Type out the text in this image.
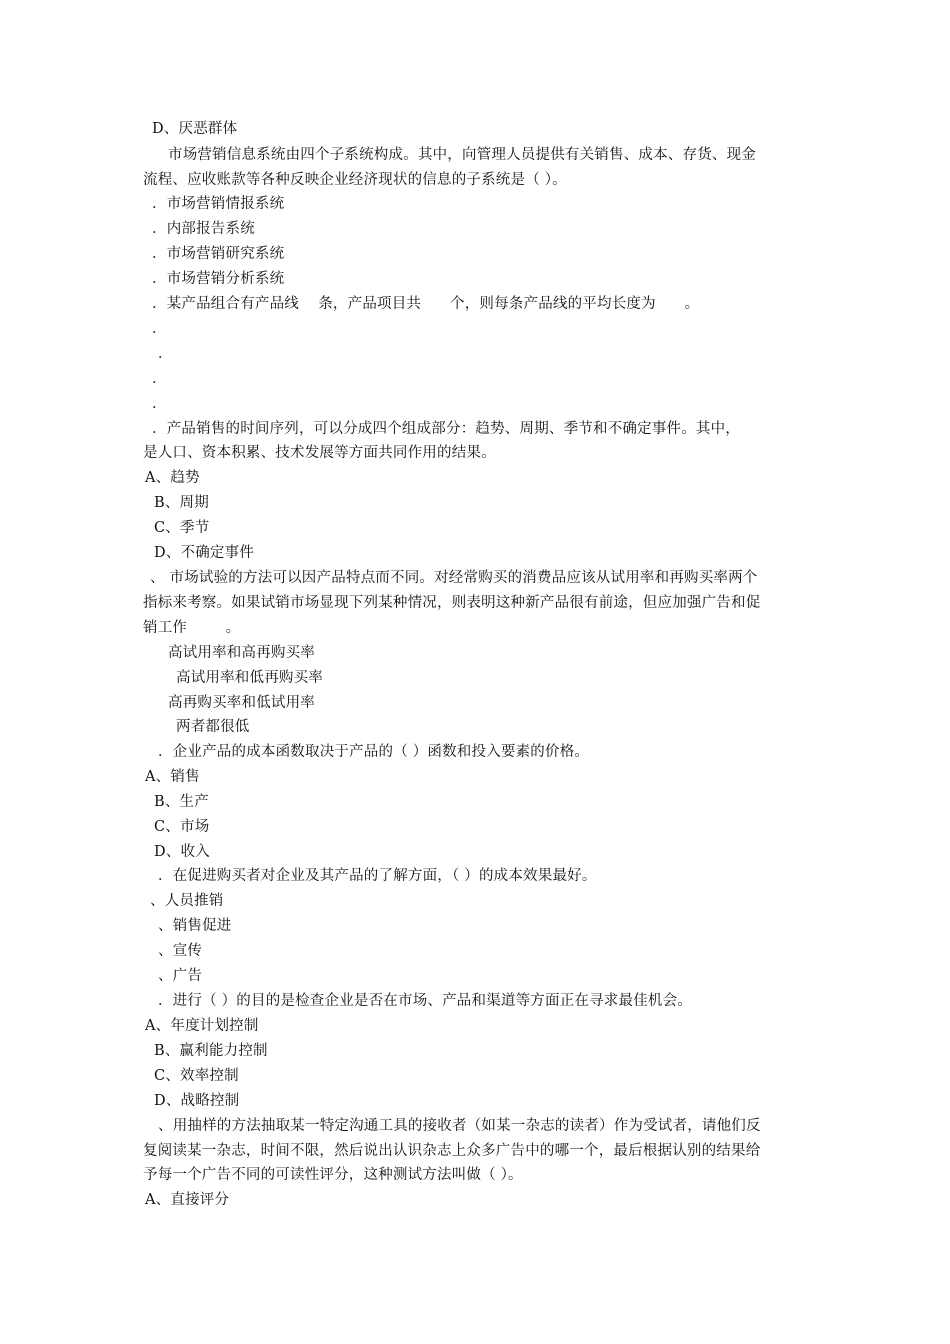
D、厌恶群体
市场营销信息系统由四个子系统构成。其中，向管理人员提供有关销售、成本、存货、现金
流程、应收账款等各种反映企业经济现状的信息的子系统是（ ）。
．市场营销情报系统
．内部报告系统
．市场营销研究系统
．市场营销分析系统
．某产品组合有产品线    条，产品项目共      个，则每条产品线的平均长度为      。
．
．
．
．
．产品销售的时间序列，可以分成四个组成部分：趋势、周期、季节和不确定事件。其中，
是人口、资本积累、技术发展等方面共同作用的结果。
A、趋势
B、周期
C、季节
D、不确定事件
、 市场试验的方法可以因产品特点而不同。对经常购买的消费品应该从试用率和再购买率两个
指标来考察。如果试销市场显现下列某种情况，则表明这种新产品很有前途，但应加强广告和促
销工作        。
高试用率和高再购买率
高试用率和低再购买率
高再购买率和低试用率
两者都很低
．企业产品的成本函数取决于产品的（ ）函数和投入要素的价格。
A、销售
B、生产
C、市场
D、收入
．在促进购买者对企业及其产品的了解方面，（ ）的成本效果最好。
、人员推销
、销售促进
、宣传
、广告
．进行（ ）的目的是检查企业是否在市场、产品和渠道等方面正在寻求最佳机会。
A、年度计划控制
B、赢利能力控制
C、效率控制
D、战略控制
、用抽样的方法抽取某一特定沟通工具的接收者（如某一杂志的读者）作为受试者，请他们反
复阅读某一杂志，时间不限，然后说出认识杂志上众多广告中的哪一个，最后根据认别的结果给
予每一个广告不同的可读性评分，这种测试方法叫做（ ）。
A、直接评分
